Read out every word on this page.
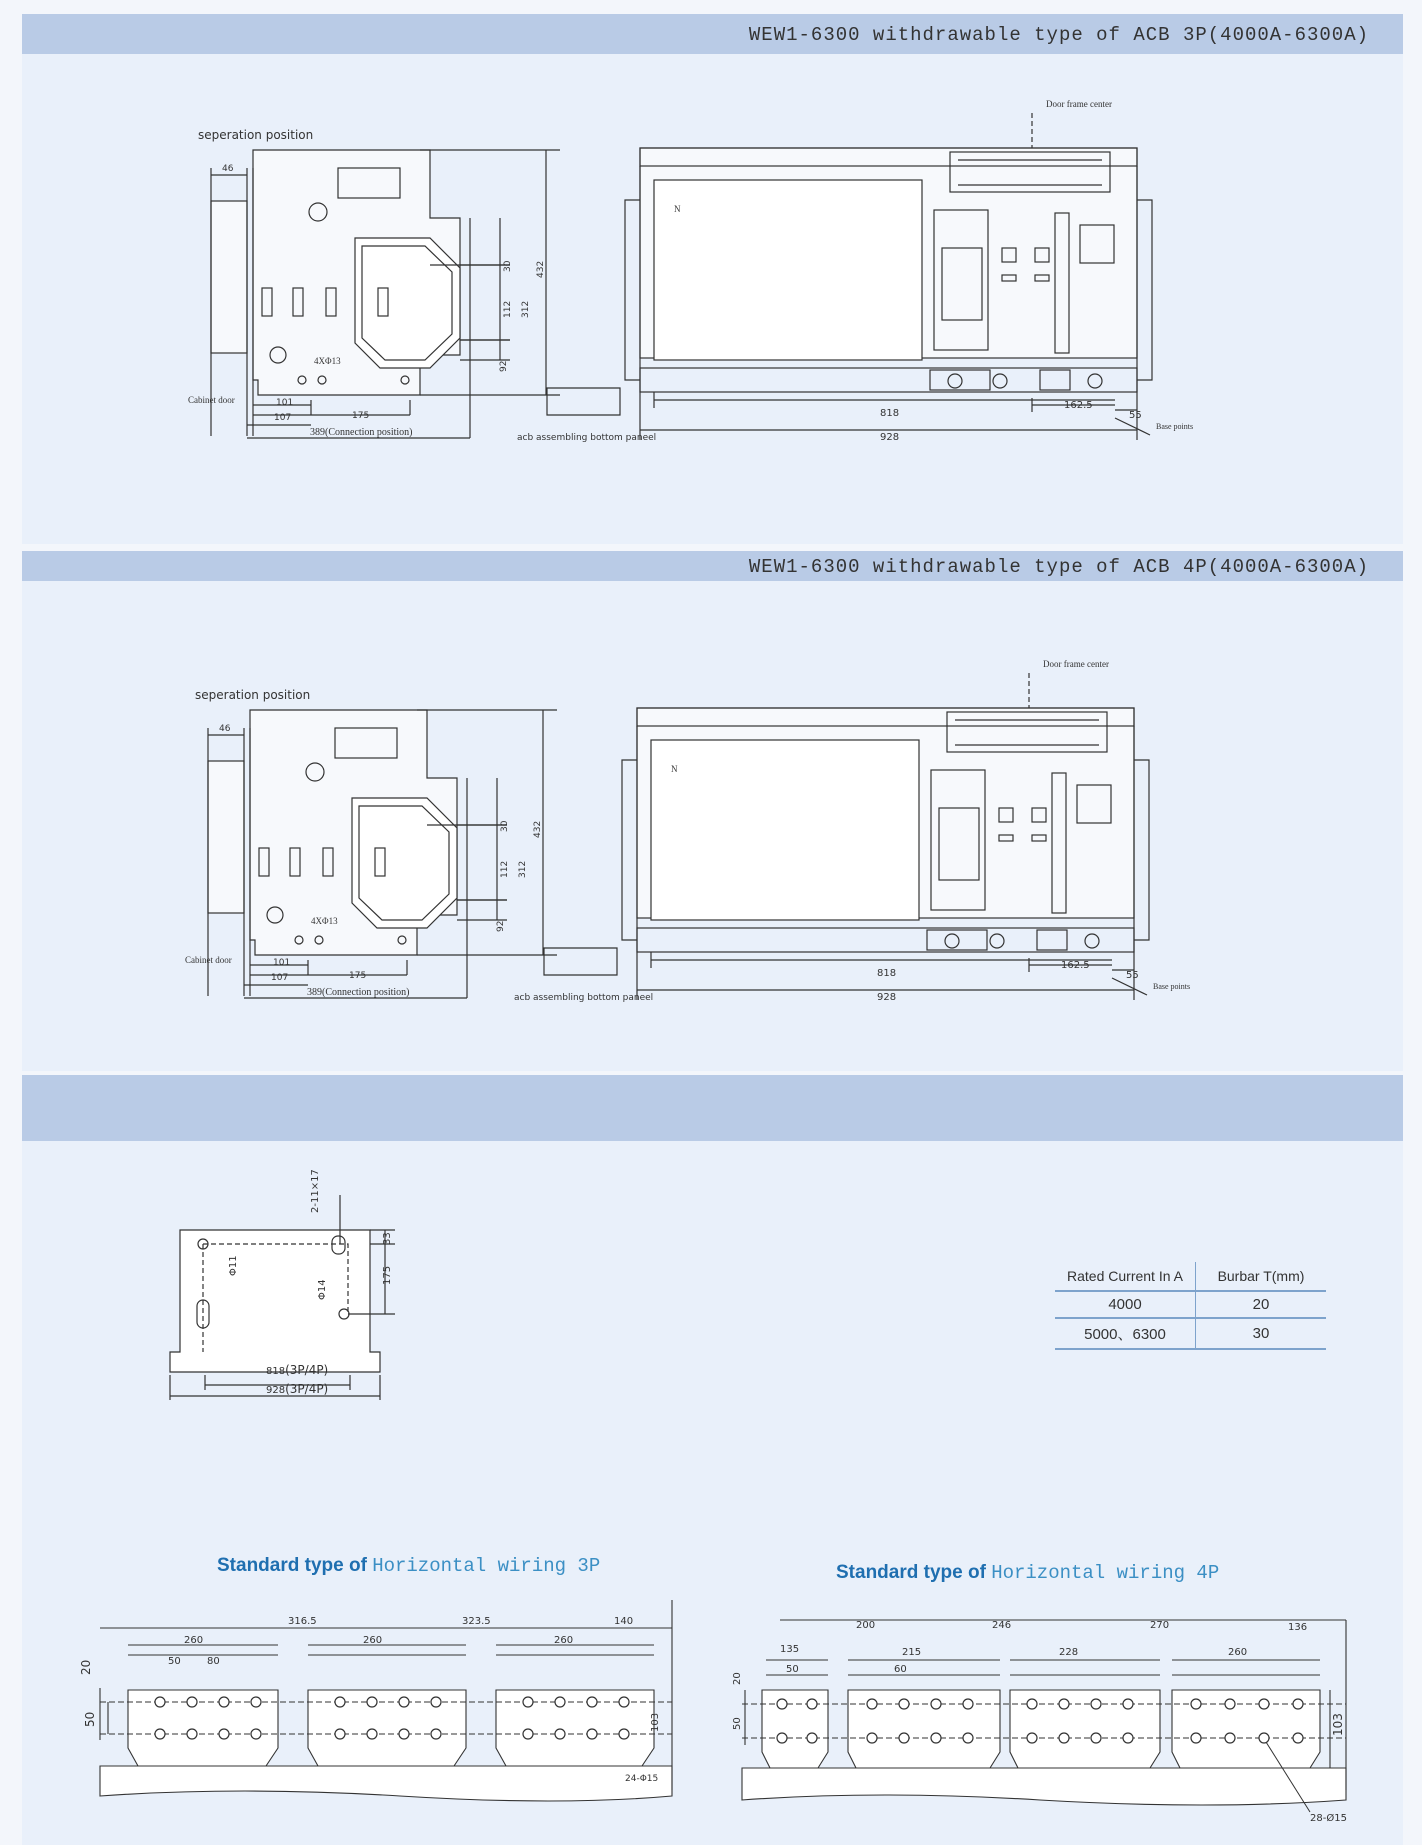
WEW1-6300 withdrawable type of ACB 3P(4000A-6300A)
WEW1-6300 withdrawable type of ACB 4P(4000A-6300A)
seperation position
46
Cabinet door	101
107	175
389(Connection position)
4XΦ13
acb assembling bottom paneel
30
112 312
92
432
Door frame center
N
818
162.5
55
928
Base points
seperation position
46
Cabinet door	101
107	175
389(Connection position)
4XΦ13
acb assembling bottom paneel
30
112 312
92
432
Door frame center
N
818
162.5
55
928
Base points
2-11×17
33
175
Φ11
Φ14
818(3P/4P)
928(3P/4P)
Rated Current In A	Burbar T(mm)
4000	20
5000、6300	30
Standard type of Horizontal wiring 3P	Standard type of Horizontal wiring 4P
316.5	323.5	140
260	260	260
50	80
20
50	103
24-Φ15
200	246	270	136
135	215	228	260
50	60
20
50	103
28-Ø15
